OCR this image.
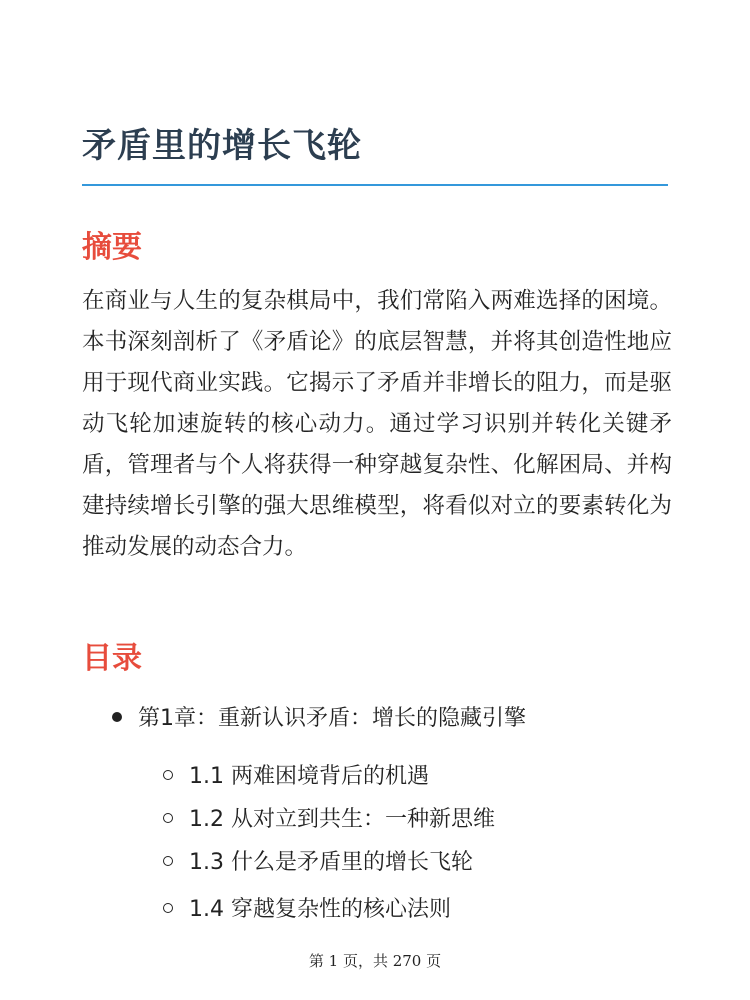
矛盾里的增长飞轮
摘要

在商业与人生的复杂棋局中，我们常陷入两难选择的困境。本书深刻剖析了《矛盾论》的底层智慧，并将其创造性地应用于现代商业实践。它揭示了矛盾并非增长的阻力，而是驱动飞轮加速旋转的核心动力。通过学习识别并转化关键矛盾，管理者与个人将获得一种穿越复杂性、化解困局、并构建持续增长引擎的强大思维模型，将看似对立的要素转化为推动发展的动态合力。

目录
第1章：重新认识矛盾：增长的隐藏引擎
1.1 两难困境背后的机遇
1.2 从对立到共生：一种新思维
1.3 什么是矛盾里的增长飞轮
1.4 穿越复杂性的核心法则
第 1 页，共 270 页
